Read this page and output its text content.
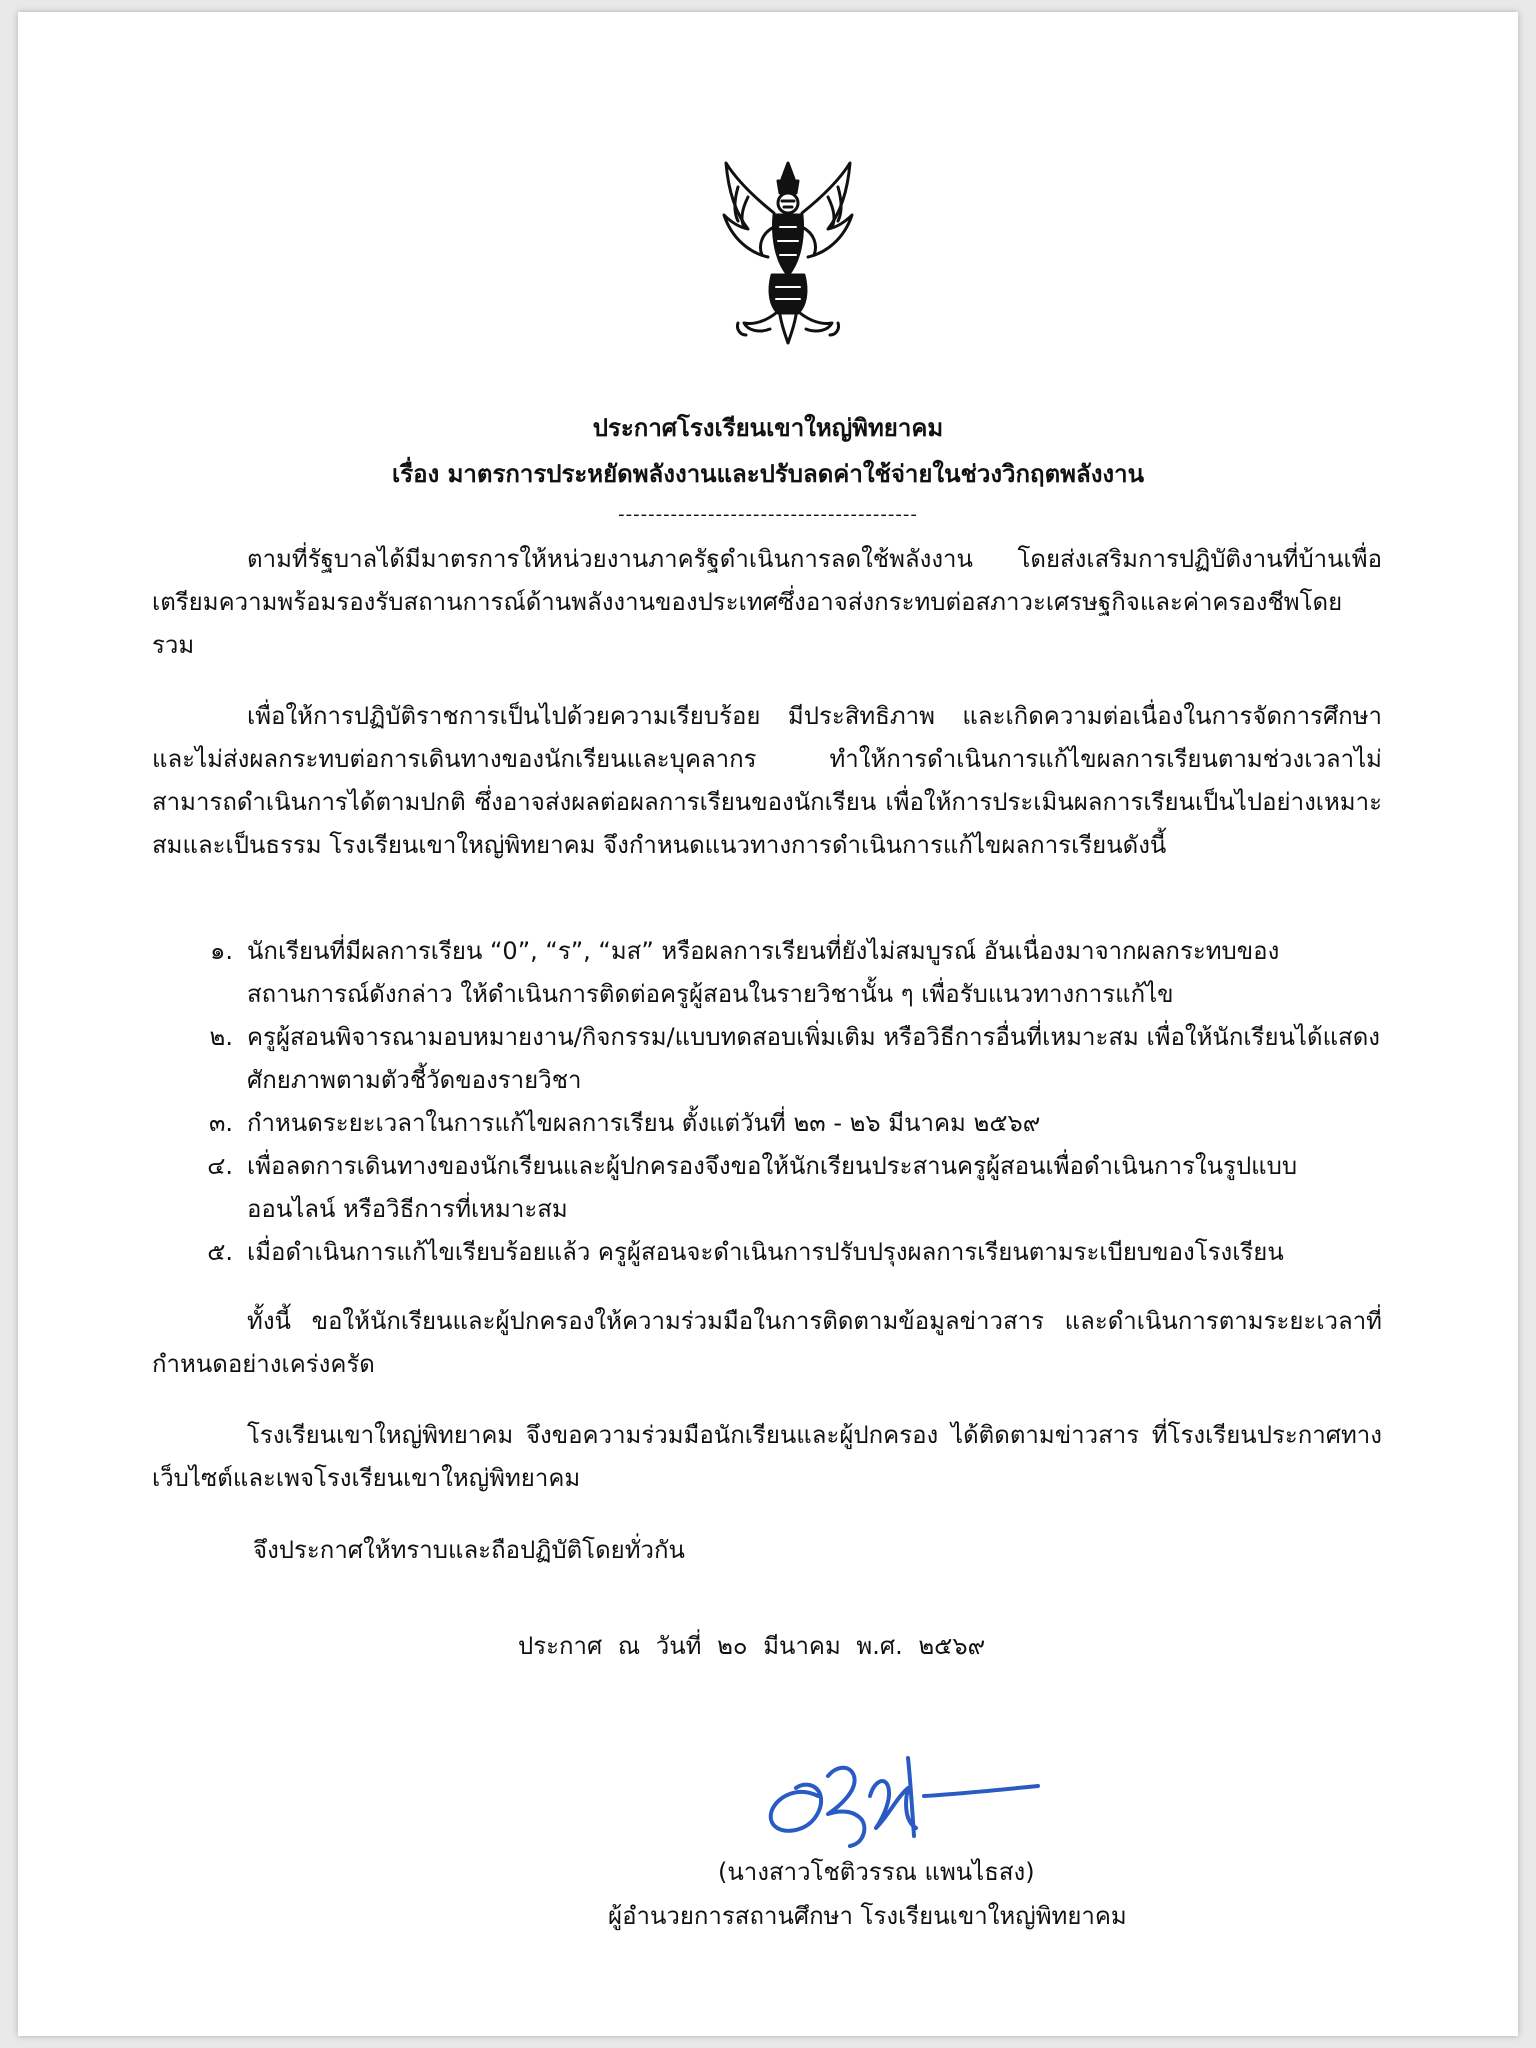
ประกาศโรงเรียนเขาใหญ่พิทยาคม
เรื่อง มาตรการประหยัดพลังงานและปรับลดค่าใช้จ่ายในช่วงวิกฤตพลังงาน
----------------------------------------
ตามที่รัฐบาลได้มีมาตรการให้หน่วยงานภาครัฐดำเนินการลดใช้พลังงาน โดยส่งเสริมการปฏิบัติงานที่บ้านเพื่อเตรียมความพร้อมรองรับสถานการณ์ด้านพลังงานของประเทศซึ่งอาจส่งกระทบต่อสภาวะเศรษฐกิจและค่าครองชีพโดยรวม
เพื่อให้การปฏิบัติราชการเป็นไปด้วยความเรียบร้อย มีประสิทธิภาพ และเกิดความต่อเนื่องในการจัดการศึกษาและไม่ส่งผลกระทบต่อการเดินทางของนักเรียนและบุคลากร ทำให้การดำเนินการแก้ไขผลการเรียนตามช่วงเวลาไม่สามารถดำเนินการได้ตามปกติ ซึ่งอาจส่งผลต่อผลการเรียนของนักเรียน เพื่อให้การประเมินผลการเรียนเป็นไปอย่างเหมาะสมและเป็นธรรม โรงเรียนเขาใหญ่พิทยาคม จึงกำหนดแนวทางการดำเนินการแก้ไขผลการเรียนดังนี้
๑. นักเรียนที่มีผลการเรียน “0”, “ร”, “มส” หรือผลการเรียนที่ยังไม่สมบูรณ์ อันเนื่องมาจากผลกระทบของสถานการณ์ดังกล่าว ให้ดำเนินการติดต่อครูผู้สอนในรายวิชานั้น ๆ เพื่อรับแนวทางการแก้ไข
๒. ครูผู้สอนพิจารณามอบหมายงาน/กิจกรรม/แบบทดสอบเพิ่มเติม หรือวิธีการอื่นที่เหมาะสม เพื่อให้นักเรียนได้แสดงศักยภาพตามตัวชี้วัดของรายวิชา
๓. กำหนดระยะเวลาในการแก้ไขผลการเรียน ตั้งแต่วันที่ ๒๓ - ๒๖ มีนาคม ๒๕๖๙
๔. เพื่อลดการเดินทางของนักเรียนและผู้ปกครองจึงขอให้นักเรียนประสานครูผู้สอนเพื่อดำเนินการในรูปแบบออนไลน์ หรือวิธีการที่เหมาะสม
๕. เมื่อดำเนินการแก้ไขเรียบร้อยแล้ว ครูผู้สอนจะดำเนินการปรับปรุงผลการเรียนตามระเบียบของโรงเรียน
ทั้งนี้ ขอให้นักเรียนและผู้ปกครองให้ความร่วมมือในการติดตามข้อมูลข่าวสาร และดำเนินการตามระยะเวลาที่กำหนดอย่างเคร่งครัด
โรงเรียนเขาใหญ่พิทยาคม จึงขอความร่วมมือนักเรียนและผู้ปกครอง ได้ติดตามข่าวสาร ที่โรงเรียนประกาศทางเว็บไซต์และเพจโรงเรียนเขาใหญ่พิทยาคม
จึงประกาศให้ทราบและถือปฏิบัติโดยทั่วกัน
ประกาศ ณ วันที่ ๒๐ มีนาคม พ.ศ. ๒๕๖๙
(นางสาวโชติวรรณ แพนไธสง)
ผู้อำนวยการสถานศึกษา โรงเรียนเขาใหญ่พิทยาคม
